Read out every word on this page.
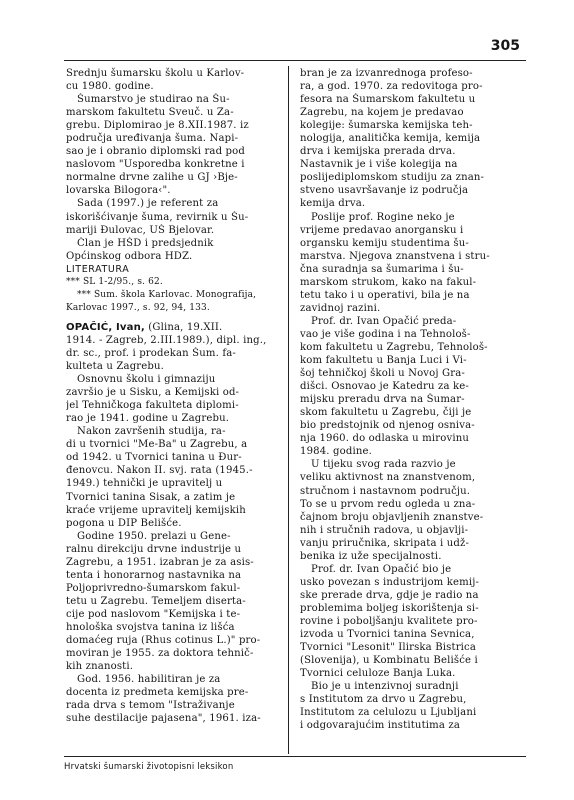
305
Srednju šumarsku školu u Karlov-
cu 1980. godine.
Šumarstvo je studirao na Šu-
marskom fakultetu Sveuč. u Za-
grebu. Diplomirao je 8.XII.1987. iz
područja uređivanja šuma. Napi-
sao je i obranio diplomski rad pod
naslovom "Usporedba konkretne i
normalne drvne zalihe u GJ ›Bje-
lovarska Bilogora‹".
Sada (1997.) je referent za
iskorišćivanje šuma, revirnik u Šu-
mariji Đulovac, UŠ Bjelovar.
Član je HŠD i predsjednik
Općinskog odbora HDZ.
LITERATURA
*** ŠL 1-2/95., s. 62.
*** Šum. škola Karlovac. Monografija,
Karlovac 1997., s. 92, 94, 133.
OPAČIĆ, Ivan, (Glina, 19.XII.
1914. - Zagreb, 2.III.1989.), dipl. ing.,
dr. sc., prof. i prodekan Šum. fa-
kulteta u Zagrebu.
Osnovnu školu i gimnaziju
završio je u Sisku, a Kemijski od-
jel Tehničkoga fakulteta diplomi-
rao je 1941. godine u Zagrebu.
Nakon završenih studija, ra-
di u tvornici "Me-Ba" u Zagrebu, a
od 1942. u Tvornici tanina u Đur-
đenovcu. Nakon II. svj. rata (1945.-
1949.) tehnički je upravitelj u
Tvornici tanina Sisak, a zatim je
kraće vrijeme upravitelj kemijskih
pogona u DIP Belišće.
Godine 1950. prelazi u Gene-
ralnu direkciju drvne industrije u
Zagrebu, a 1951. izabran je za asis-
tenta i honorarnog nastavnika na
Poljoprivredno-šumarskom fakul-
tetu u Zagrebu. Temeljem diserta-
cije pod naslovom "Kemijska i te-
hnološka svojstva tanina iz lišća
domaćeg ruja (Rhus cotinus L.)" pro-
moviran je 1955. za doktora tehnič-
kih znanosti.
God. 1956. habilitiran je za
docenta iz predmeta kemijska pre-
rada drva s temom "Istraživanje
suhe destilacije pajasena", 1961. iza-
bran je za izvanrednoga profeso-
ra, a god. 1970. za redovitoga pro-
fesora na Šumarskom fakultetu u
Zagrebu, na kojem je predavao
kolegije: šumarska kemijska teh-
nologija, analitička kemija, kemija
drva i kemijska prerada drva.
Nastavnik je i više kolegija na
poslijediplomskom studiju za znan-
stveno usavršavanje iz područja
kemija drva.
Poslije prof. Rogine neko je
vrijeme predavao anorgansku i
organsku kemiju studentima šu-
marstva. Njegova znanstvena i stru-
čna suradnja sa šumarima i šu-
marskom strukom, kako na fakul-
tetu tako i u operativi, bila je na
zavidnoj razini.
Prof. dr. Ivan Opačić preda-
vao je više godina i na Tehnološ-
kom fakultetu u Zagrebu, Tehnološ-
kom fakultetu u Banja Luci i Vi-
šoj tehničkoj školi u Novoj Gra-
dišci. Osnovao je Katedru za ke-
mijsku preradu drva na Šumar-
skom fakultetu u Zagrebu, čiji je
bio predstojnik od njenog osniva-
nja 1960. do odlaska u mirovinu
1984. godine.
U tijeku svog rada razvio je
veliku aktivnost na znanstvenom,
stručnom i nastavnom području.
To se u prvom redu ogleda u zna-
čajnom broju objavljenih znanstve-
nih i stručnih radova, u objavlji-
vanju priručnika, skripata i udž-
benika iz uže specijalnosti.
Prof. dr. Ivan Opačić bio je
usko povezan s industrijom kemij-
ske prerade drva, gdje je radio na
problemima boljeg iskorištenja si-
rovine i poboljšanju kvalitete pro-
izvoda u Tvornici tanina Sevnica,
Tvornici "Lesonit" Ilirska Bistrica
(Slovenija), u Kombinatu Belišće i
Tvornici celuloze Banja Luka.
Bio je u intenzivnoj suradnji
s Institutom za drvo u Zagrebu,
Institutom za celulozu u Ljubljani
i odgovarajućim institutima za
Hrvatski šumarski životopisni leksikon
